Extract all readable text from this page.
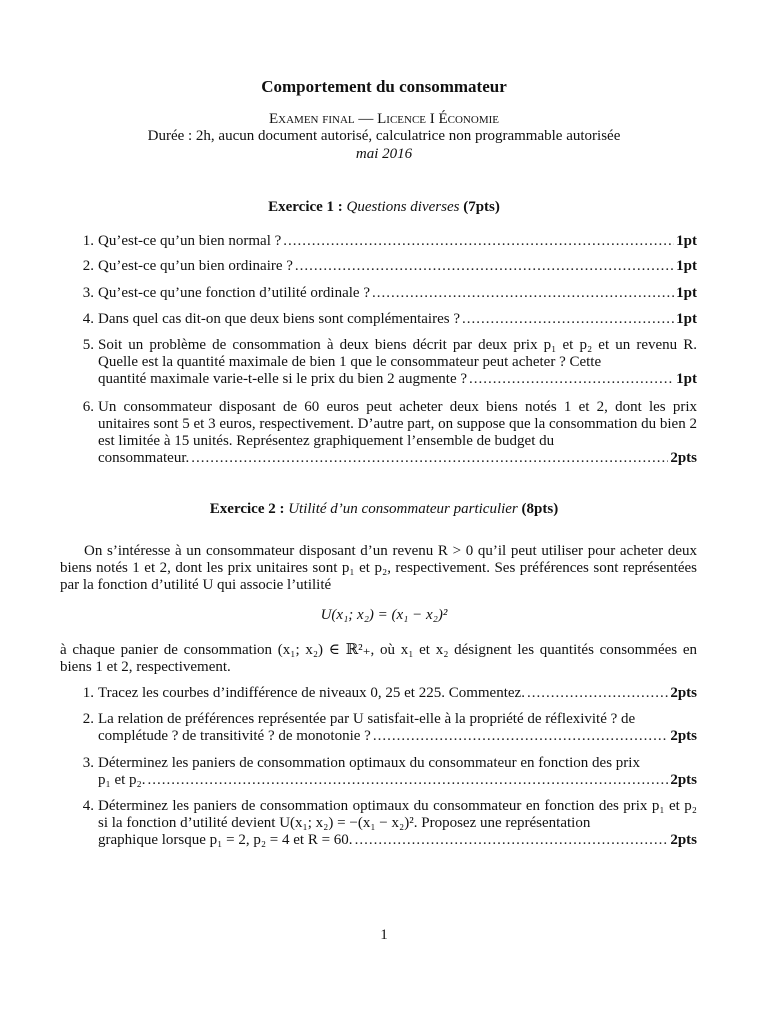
Comportement du consommateur
Examen final — Licence I Économie
Durée : 2h, aucun document autorisé, calculatrice non programmable autorisée
mai 2016
Exercice 1 : Questions diverses (7pts)
1. Qu’est-ce qu’un bien normal ? .....	1pt
2. Qu’est-ce qu’un bien ordinaire ? .....	1pt
3. Qu’est-ce qu’une fonction d’utilité ordinale ? .....	1pt
4. Dans quel cas dit-on que deux biens sont complémentaires ? .....	1pt
5. Soit un problème de consommation à deux biens décrit par deux prix p₁ et p₂ et un revenu R. Quelle est la quantité maximale de bien 1 que le consommateur peut acheter ? Cette
quantité maximale varie-t-elle si le prix du bien 2 augmente ? .....	1pt
6. Un consommateur disposant de 60 euros peut acheter deux biens notés 1 et 2, dont les prix unitaires sont 5 et 3 euros, respectivement. D’autre part, on suppose que la consommation du bien 2 est limitée à 15 unités. Représentez graphiquement l’ensemble de budget du
consommateur. .....	2pts
Exercice 2 : Utilité d’un consommateur particulier (8pts)
On s’intéresse à un consommateur disposant d’un revenu R > 0 qu’il peut utiliser pour acheter deux biens notés 1 et 2, dont les prix unitaires sont p₁ et p₂, respectivement. Ses préférences sont représentées par la fonction d’utilité U qui associe l’utilité
U(x₁; x₂) = (x₁ − x₂)²
à chaque panier de consommation (x₁; x₂) ∈ ℝ²₊, où x₁ et x₂ désignent les quantités consommées en biens 1 et 2, respectivement.
1. Tracez les courbes d’indifférence de niveaux 0, 25 et 225. Commentez. .....	2pts
2. La relation de préférences représentée par U satisfait-elle à la propriété de réflexivité ? de
complétude ? de transitivité ? de monotonie ? .....	2pts
3. Déterminez les paniers de consommation optimaux du consommateur en fonction des prix
p₁ et p₂. .....	2pts
4. Déterminez les paniers de consommation optimaux du consommateur en fonction des prix p₁ et p₂ si la fonction d’utilité devient U(x₁; x₂) = −(x₁ − x₂)². Proposez une représentation
graphique lorsque p₁ = 2, p₂ = 4 et R = 60. .....	2pts
1
